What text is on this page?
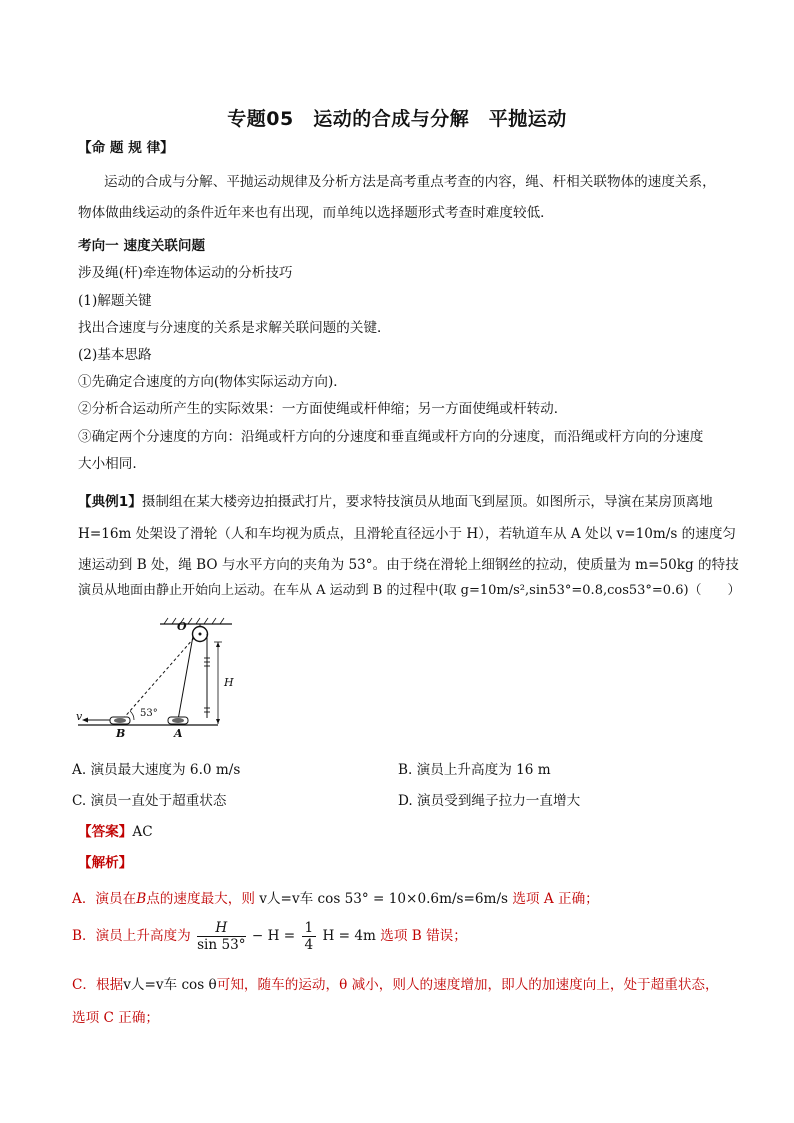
专题05　运动的合成与分解　平抛运动
【命 题 规 律】
运动的合成与分解、平抛运动规律及分析方法是高考重点考查的内容，绳、杆相关联物体的速度关系，
物体做曲线运动的条件近年来也有出现，而单纯以选择题形式考查时难度较低．
考向一 速度关联问题
涉及绳(杆)牵连物体运动的分析技巧
(1)解题关键
找出合速度与分速度的关系是求解关联问题的关键．
(2)基本思路
①先确定合速度的方向(物体实际运动方向)．
②分析合运动所产生的实际效果：一方面使绳或杆伸缩；另一方面使绳或杆转动．
③确定两个分速度的方向：沿绳或杆方向的分速度和垂直绳或杆方向的分速度，而沿绳或杆方向的分速度
大小相同.
【典例1】摄制组在某大楼旁边拍摄武打片，要求特技演员从地面飞到屋顶。如图所示，导演在某房顶离地
H=16m 处架设了滑轮（人和车均视为质点，且滑轮直径远小于 H），若轨道车从 A 处以 v=10m/s 的速度匀
速运动到 B 处，绳 BO 与水平方向的夹角为 53°。由于绕在滑轮上细钢丝的拉动，使质量为 m=50kg 的特技
演员从地面由静止开始向上运动。在车从 A 运动到 B 的过程中(取 g=10m/s²,sin53°=0.8,cos53°=0.6)（　　）
O
H
v	53°
B	A
A. 演员最大速度为 6.0 m/s	B. 演员上升高度为 16 m
C. 演员一直处于超重状态	D. 演员受到绳子拉力一直增大
【答案】AC
【解析】
A．演员在B点的速度最大，则 v人=v车 cos 53° = 10×0.6m/s=6m/s 选项 A 正确；
B．演员上升高度为 $\frac{H}{\sin 53^\circ} - H = \frac{1}{4}$ H = 4m 选项 B 错误；
C．根据v人=v车 cos θ可知，随车的运动，θ 减小，则人的速度增加，即人的加速度向上，处于超重状态，
选项 C 正确；
